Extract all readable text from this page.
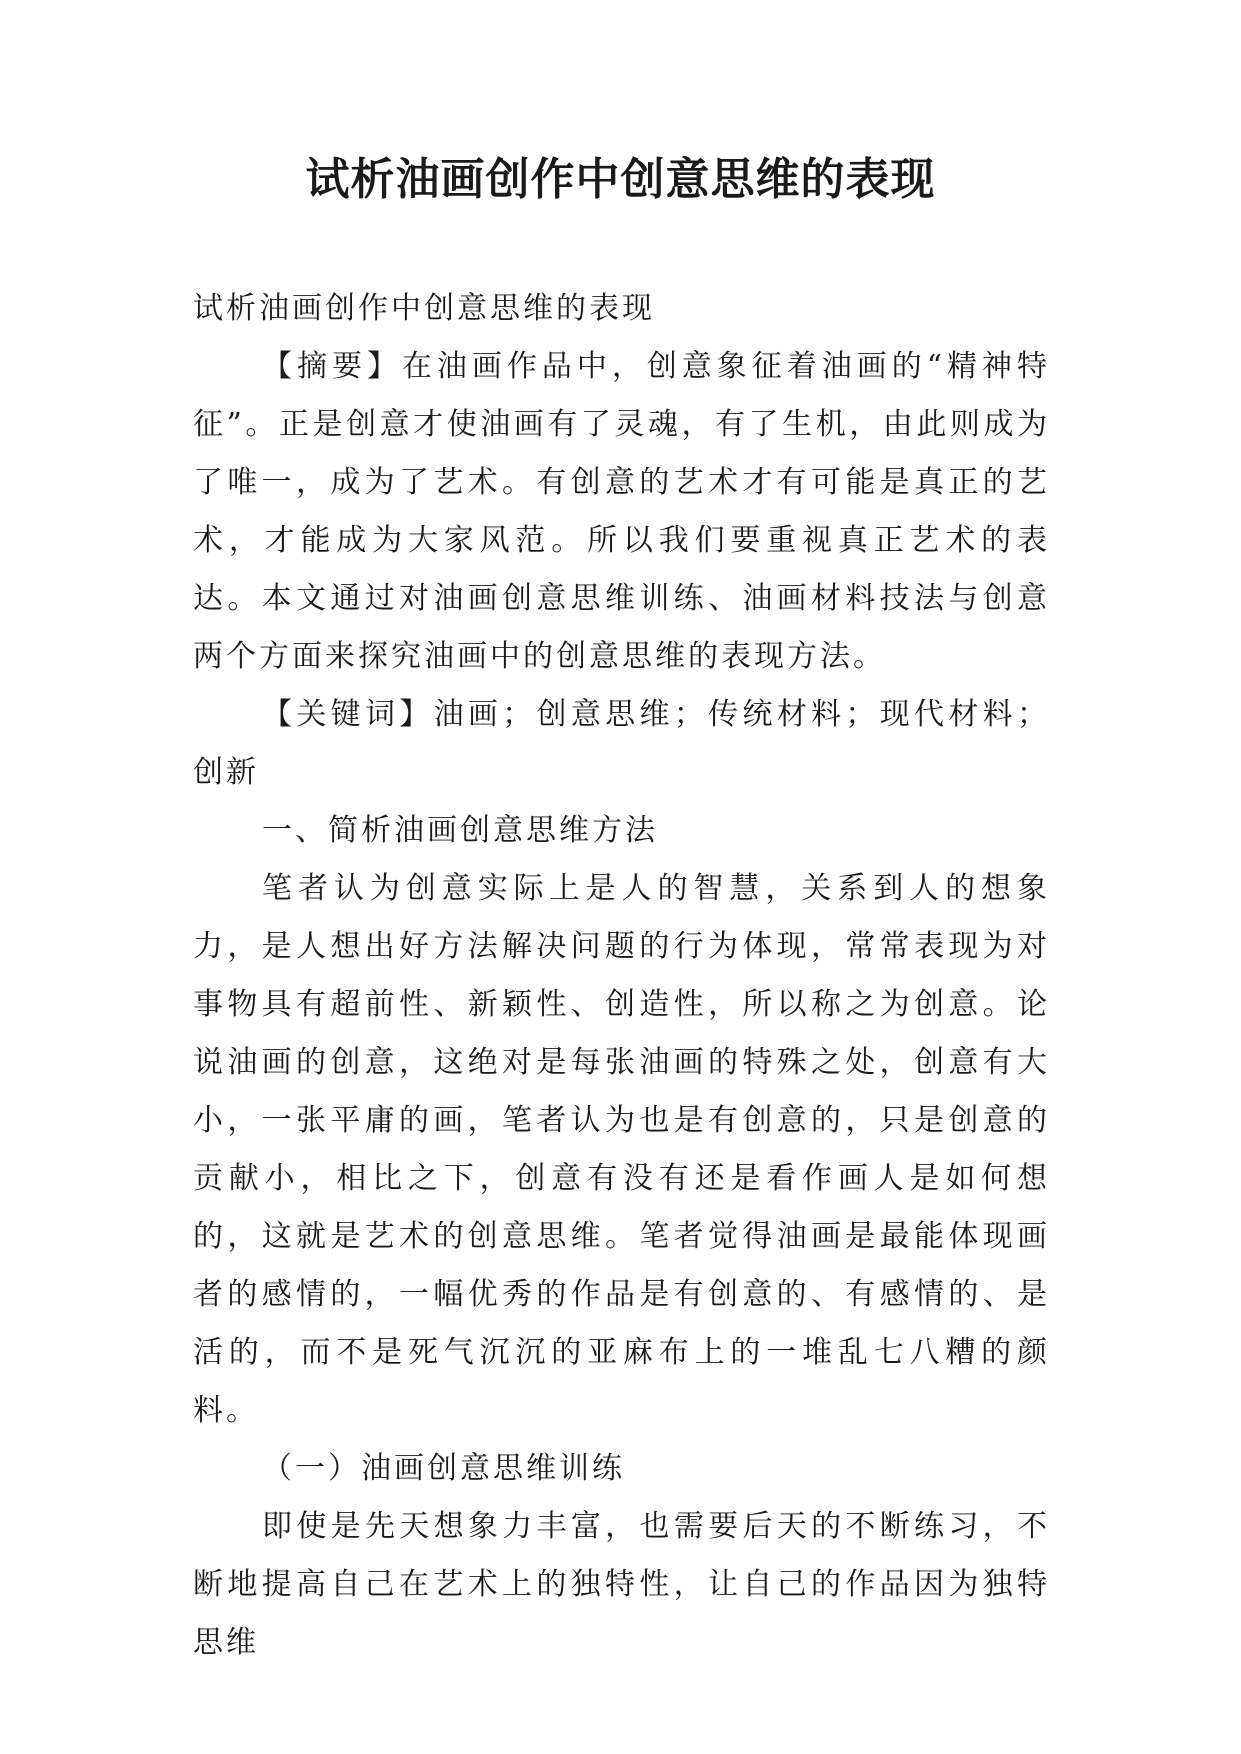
试析油画创作中创意思维的表现

试析油画创作中创意思维的表现

【摘要】在油画作品中，创意象征着油画的“精神特征”。正是创意才使油画有了灵魂，有了生机，由此则成为了唯一，成为了艺术。有创意的艺术才有可能是真正的艺术，才能成为大家风范。所以我们要重视真正艺术的表达。本文通过对油画创意思维训练、油画材料技法与创意两个方面来探究油画中的创意思维的表现方法。

【关键词】油画；创意思维；传统材料；现代材料；创新

一、简析油画创意思维方法

笔者认为创意实际上是人的智慧，关系到人的想象力，是人想出好方法解决问题的行为体现，常常表现为对事物具有超前性、新颖性、创造性，所以称之为创意。论说油画的创意，这绝对是每张油画的特殊之处，创意有大小，一张平庸的画，笔者认为也是有创意的，只是创意的贡献小，相比之下，创意有没有还是看作画人是如何想的，这就是艺术的创意思维。笔者觉得油画是最能体现画者的感情的，一幅优秀的作品是有创意的、有感情的、是活的，而不是死气沉沉的亚麻布上的一堆乱七八糟的颜料。

（一）油画创意思维训练

即使是先天想象力丰富，也需要后天的不断练习，不断地提高自己在艺术上的独特性，让自己的作品因为独特思维
